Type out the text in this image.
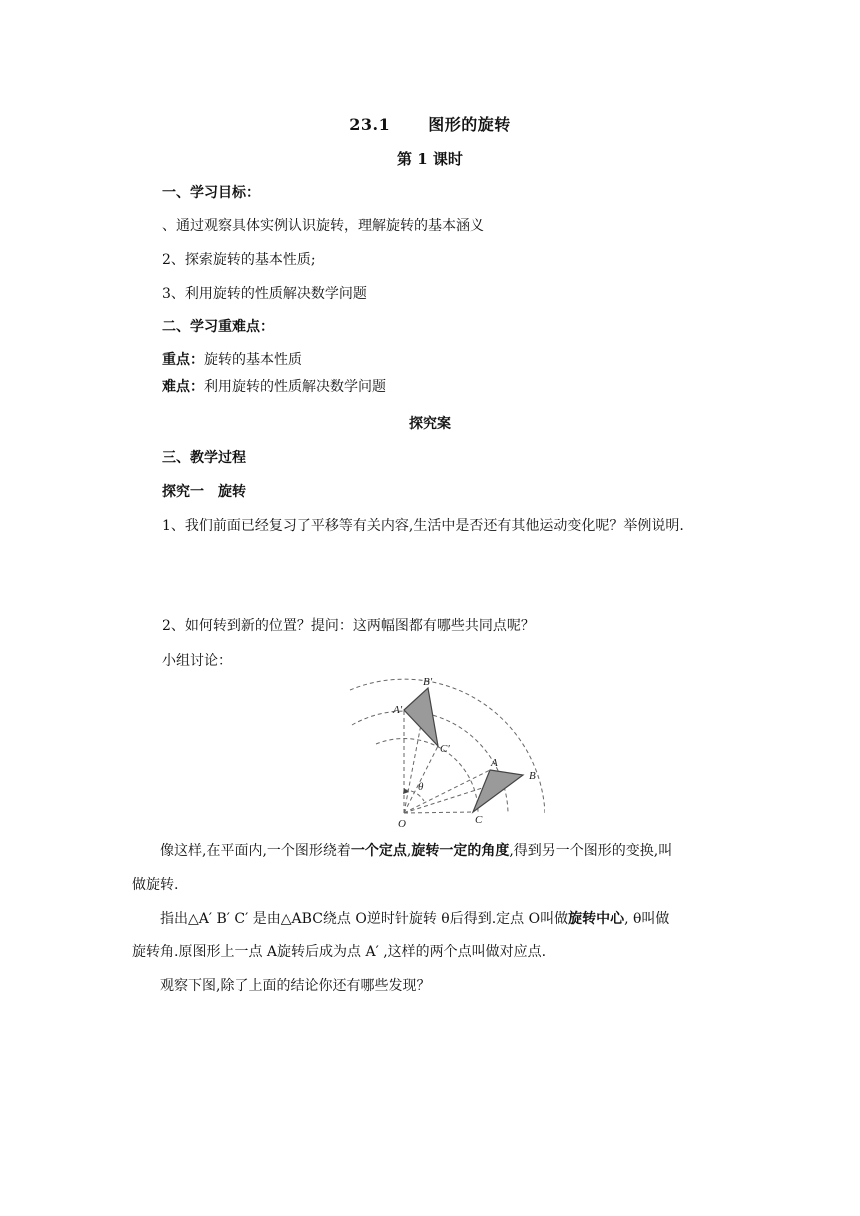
23.1 图形的旋转
第 1 课时
一、学习目标：
、通过观察具体实例认识旋转，理解旋转的基本涵义
2、探索旋转的基本性质;
3、利用旋转的性质解决数学问题
二、学习重难点：
重点：旋转的基本性质
难点：利用旋转的性质解决数学问题
探究案
三、教学过程
探究一　旋转
1、我们前面已经复习了平移等有关内容,生活中是否还有其他运动变化呢？举例说明.
2、如何转到新的位置？提问：这两幅图都有哪些共同点呢？
小组讨论：
A
B
C
A′
B′
C′
O
θ
像这样,在平面内,一个图形绕着一个定点,旋转一定的角度,得到另一个图形的变换,叫
做旋转.
指出△A′ B′ C′ 是由△ABC绕点 O逆时针旋转 θ后得到.定点 O叫做旋转中心, θ叫做
旋转角.原图形上一点 A旋转后成为点 A′ ,这样的两个点叫做对应点.
观察下图,除了上面的结论你还有哪些发现？
